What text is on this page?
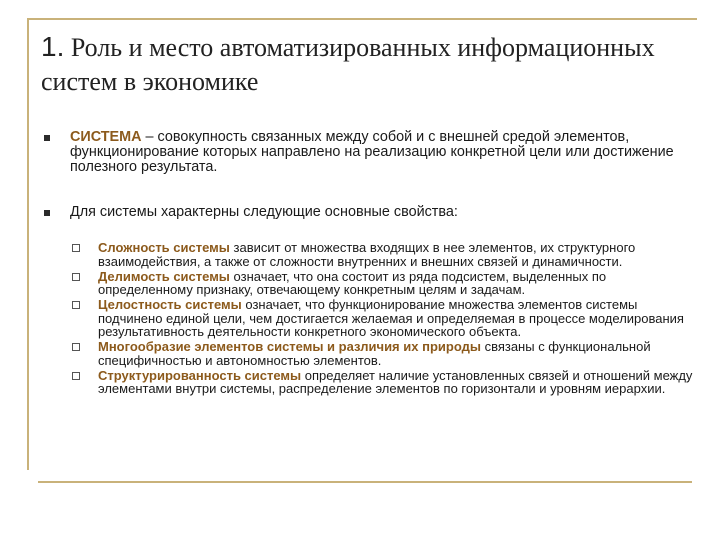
1. Роль и место автоматизированных информационных систем в экономике
СИСТЕМА – совокупность связанных между собой и с внешней средой элементов, функционирование которых направлено на реализацию конкретной цели или достижение полезного результата.
Для системы характерны следующие основные свойства:
Сложность системы зависит от множества входящих в нее элементов, их структурного взаимодействия, а также от сложности внутренних и внешних связей и динамичности.
Делимость системы означает, что она состоит из ряда подсистем, выделенных по определенному признаку, отвечающему конкретным целям и задачам.
Целостность системы означает, что функционирование множества элементов системы подчинено единой цели, чем достигается желаемая и определяемая в процессе моделирования результативность деятельности конкретного экономического объекта.
Многообразие элементов системы и различия их природы связаны с функциональной специфичностью и автономностью элементов.
Структурированность системы определяет наличие установленных связей и отношений между элементами внутри системы, распределение элементов по горизонтали и уровням иерархии.
